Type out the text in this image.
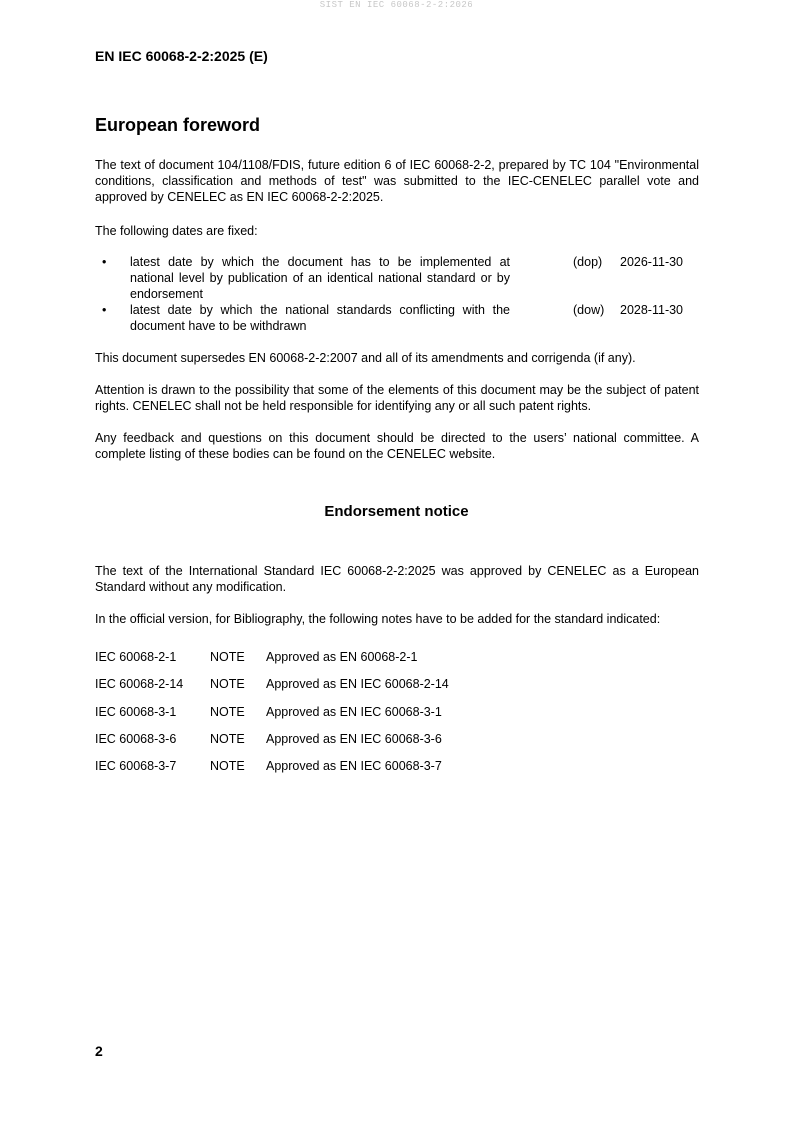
SIST EN IEC 60068-2-2:2026
EN IEC 60068-2-2:2025 (E)
European foreword

The text of document 104/1108/FDIS, future edition 6 of IEC 60068-2-2, prepared by TC 104 "Environmental conditions, classification and methods of test" was submitted to the IEC-CENELEC parallel vote and approved by CENELEC as EN IEC 60068-2-2:2025.

The following dates are fixed:

• latest date by which the document has to be implemented at national level by publication of an identical national standard or by endorsement
(dop) 2026-11-30
• latest date by which the national standards conflicting with the document have to be withdrawn
(dow) 2028-11-30

This document supersedes EN 60068-2-2:2007 and all of its amendments and corrigenda (if any).

Attention is drawn to the possibility that some of the elements of this document may be the subject of patent rights. CENELEC shall not be held responsible for identifying any or all such patent rights.

Any feedback and questions on this document should be directed to the users’ national committee. A complete listing of these bodies can be found on the CENELEC website.

Endorsement notice

The text of the International Standard IEC 60068-2-2:2025 was approved by CENELEC as a European Standard without any modification.

In the official version, for Bibliography, the following notes have to be added for the standard indicated:

IEC 60068-2-1	NOTE Approved as EN 60068-2-1
IEC 60068-2-14 NOTE Approved as EN IEC 60068-2-14
IEC 60068-3-1	NOTE Approved as EN IEC 60068-3-1
IEC 60068-3-6	NOTE Approved as EN IEC 60068-3-6
IEC 60068-3-7	NOTE Approved as EN IEC 60068-3-7
2
